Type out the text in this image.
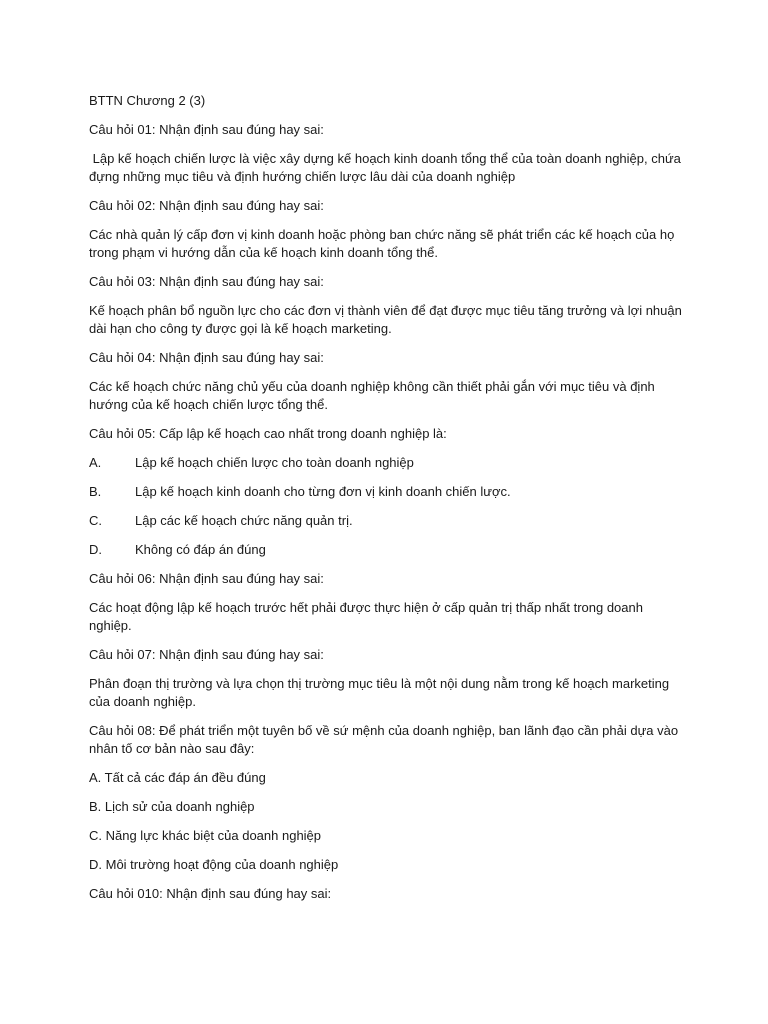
BTTN Chương 2 (3)

Câu hỏi 01: Nhận định sau đúng hay sai:

Lập kế hoạch chiến lược là việc xây dựng kế hoạch kinh doanh tổng thể của toàn doanh nghiệp, chứa đựng những mục tiêu và định hướng chiến lược lâu dài của doanh nghiệp

Câu hỏi 02: Nhận định sau đúng hay sai:

Các nhà quản lý cấp đơn vị kinh doanh hoặc phòng ban chức năng sẽ phát triển các kế hoạch của họ trong phạm vi hướng dẫn của kế hoạch kinh doanh tổng thể.

Câu hỏi 03: Nhận định sau đúng hay sai:

Kế hoạch phân bổ nguồn lực cho các đơn vị thành viên để đạt được mục tiêu tăng trưởng và lợi nhuận dài hạn cho công ty được gọi là kế hoạch marketing.

Câu hỏi 04: Nhận định sau đúng hay sai:

Các kế hoạch chức năng chủ yếu của doanh nghiệp không cần thiết phải gắn với mục tiêu và định hướng của kế hoạch chiến lược tổng thể.

Câu hỏi 05: Cấp lập kế hoạch cao nhất trong doanh nghiệp là:

A.	Lập kế hoạch chiến lược cho toàn doanh nghiệp
B.	Lập kế hoạch kinh doanh cho từng đơn vị kinh doanh chiến lược.
C.	Lập các kế hoạch chức năng quản trị.
D.	Không có đáp án đúng

Câu hỏi 06: Nhận định sau đúng hay sai:

Các hoạt động lập kế hoạch trước hết phải được thực hiện ở cấp quản trị thấp nhất trong doanh nghiệp.

Câu hỏi 07: Nhận định sau đúng hay sai:

Phân đoạn thị trường và lựa chọn thị trường mục tiêu là một nội dung nằm trong kế hoạch marketing của doanh nghiệp.

Câu hỏi 08: Để phát triển một tuyên bố về sứ mệnh của doanh nghiệp, ban lãnh đạo cần phải dựa vào nhân tố cơ bản nào sau đây:

A. Tất cả các đáp án đều đúng

B. Lịch sử của doanh nghiệp

C. Năng lực khác biệt của doanh nghiệp

D. Môi trường hoạt động của doanh nghiệp

Câu hỏi 010: Nhận định sau đúng hay sai:
